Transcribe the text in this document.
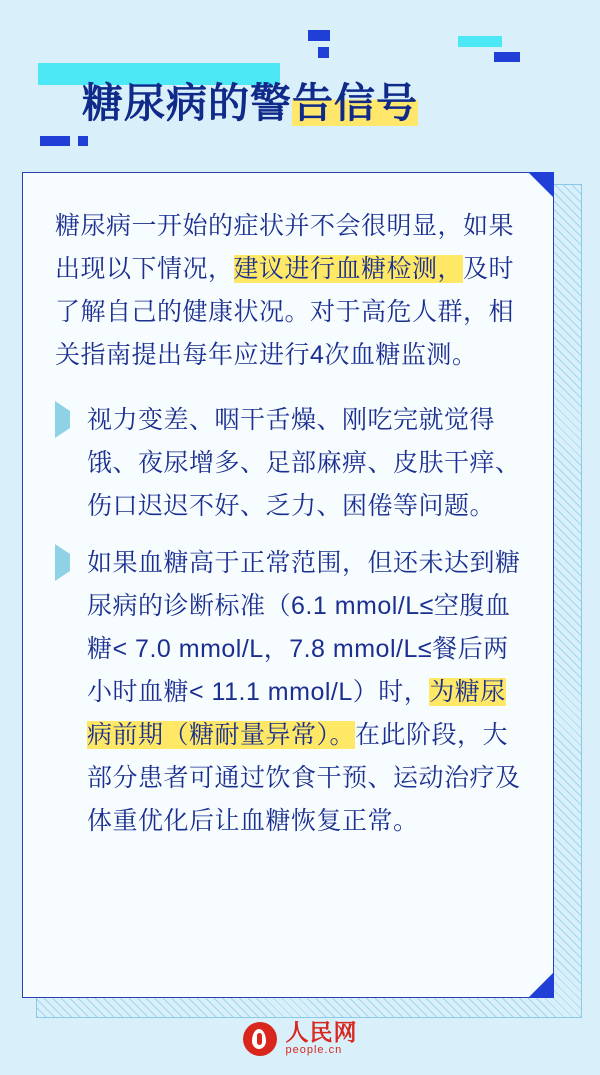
糖尿病的警告信号

糖尿病一开始的症状并不会很明显，如果出现以下情况，建议进行血糖检测，及时了解自己的健康状况。对于高危人群，相关指南提出每年应进行4次血糖监测。

视力变差、咽干舌燥、刚吃完就觉得饿、夜尿增多、足部麻痹、皮肤干痒、伤口迟迟不好、乏力、困倦等问题。
如果血糖高于正常范围，但还未达到糖尿病的诊断标准（6.1 mmol/L≤空腹血糖< 7.0 mmol/L，7.8 mmol/L≤餐后两小时血糖< 11.1 mmol/L）时，为糖尿病前期（糖耐量异常）。在此阶段，大部分患者可通过饮食干预、运动治疗及体重优化后让血糖恢复正常。
人民网
people.cn
